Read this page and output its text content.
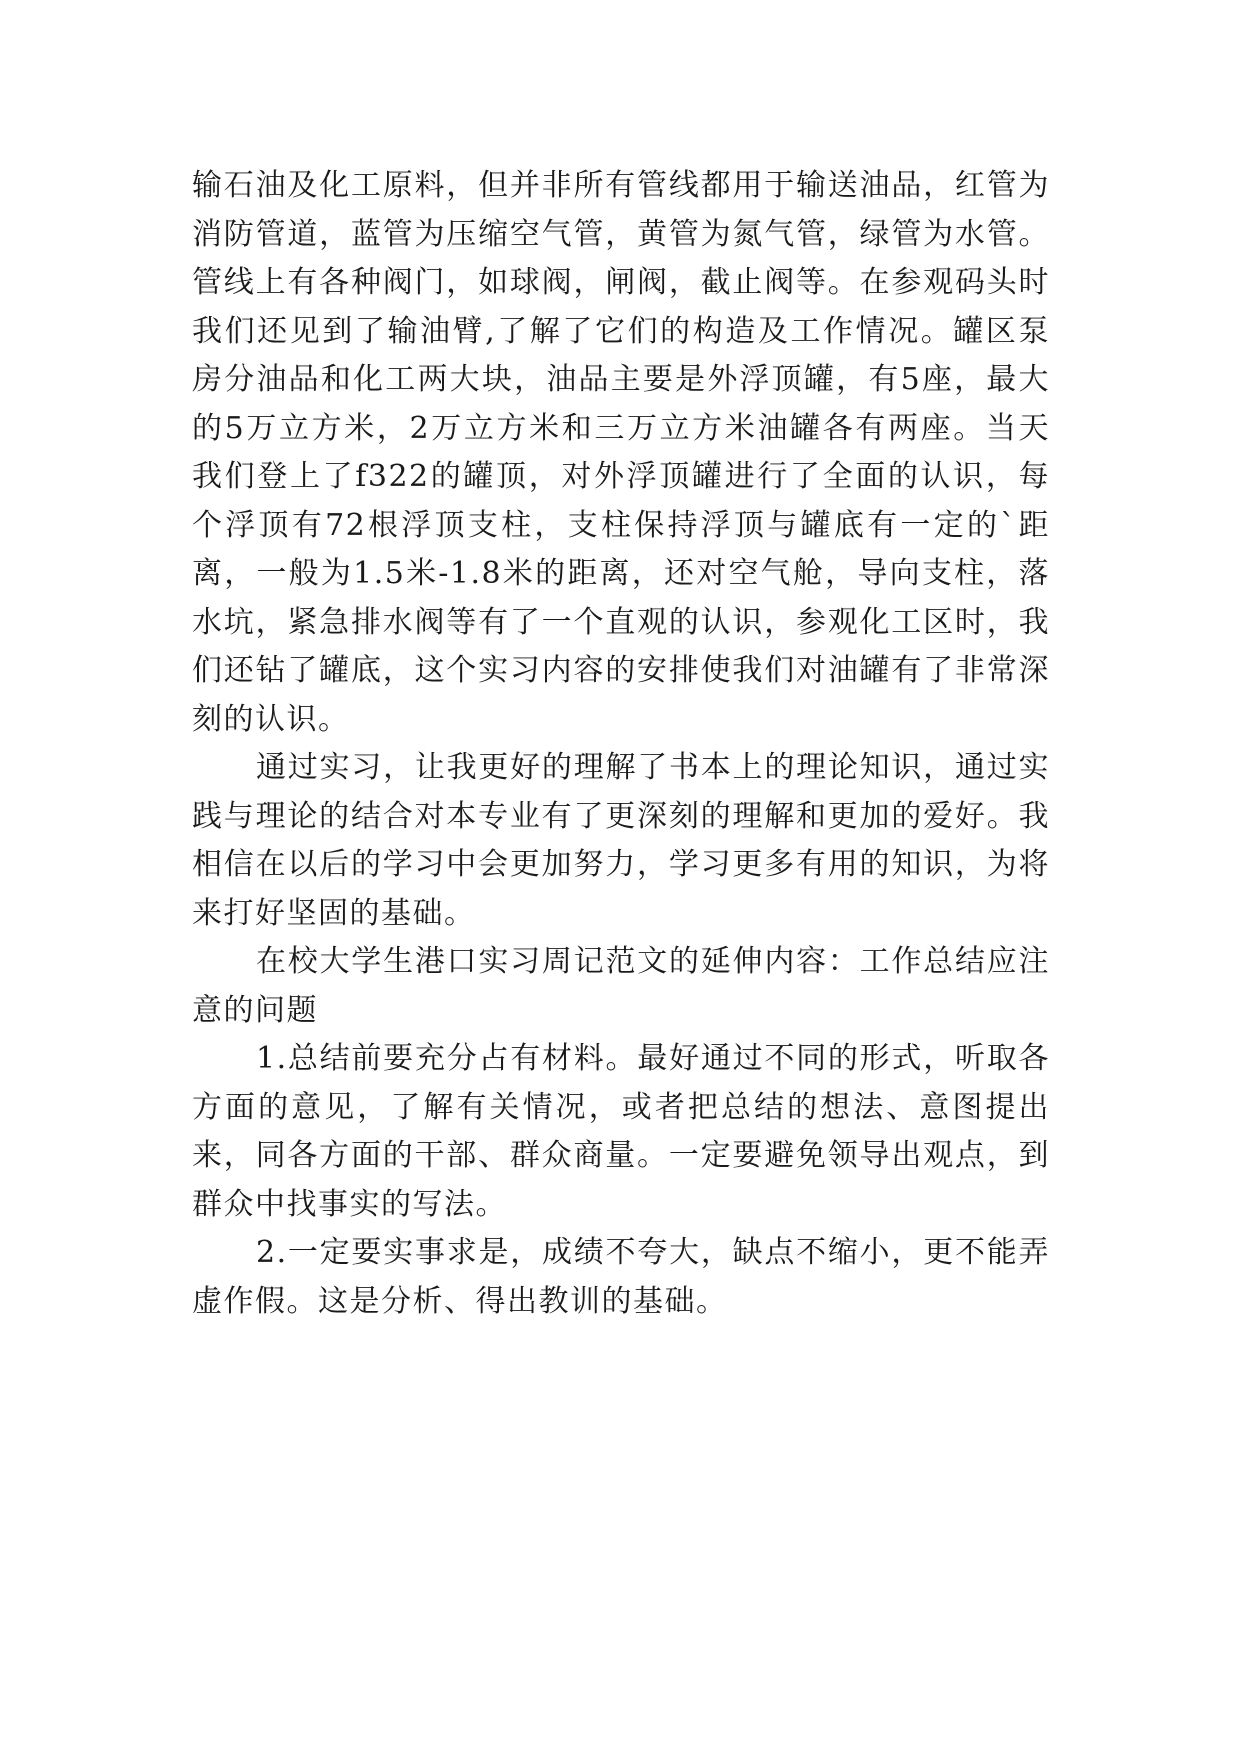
输石油及化工原料，但并非所有管线都用于输送油品，红管为消防管道，蓝管为压缩空气管，黄管为氮气管，绿管为水管。管线上有各种阀门，如球阀，闸阀，截止阀等。在参观码头时我们还见到了输油臂,了解了它们的构造及工作情况。罐区泵房分油品和化工两大块，油品主要是外浮顶罐，有5座，最大的5万立方米，2万立方米和三万立方米油罐各有两座。当天我们登上了f322的罐顶，对外浮顶罐进行了全面的认识，每个浮顶有72根浮顶支柱，支柱保持浮顶与罐底有一定的`距离，一般为1.5米-1.8米的距离，还对空气舱，导向支柱，落水坑，紧急排水阀等有了一个直观的认识，参观化工区时，我们还钻了罐底，这个实习内容的安排使我们对油罐有了非常深刻的认识。

通过实习，让我更好的理解了书本上的理论知识，通过实践与理论的结合对本专业有了更深刻的理解和更加的爱好。我相信在以后的学习中会更加努力，学习更多有用的知识，为将来打好坚固的基础。

在校大学生港口实习周记范文的延伸内容：工作总结应注意的问题

1.总结前要充分占有材料。最好通过不同的形式，听取各方面的意见，了解有关情况，或者把总结的想法、意图提出来，同各方面的干部、群众商量。一定要避免领导出观点，到群众中找事实的写法。

2.一定要实事求是，成绩不夸大，缺点不缩小，更不能弄虚作假。这是分析、得出教训的基础。
